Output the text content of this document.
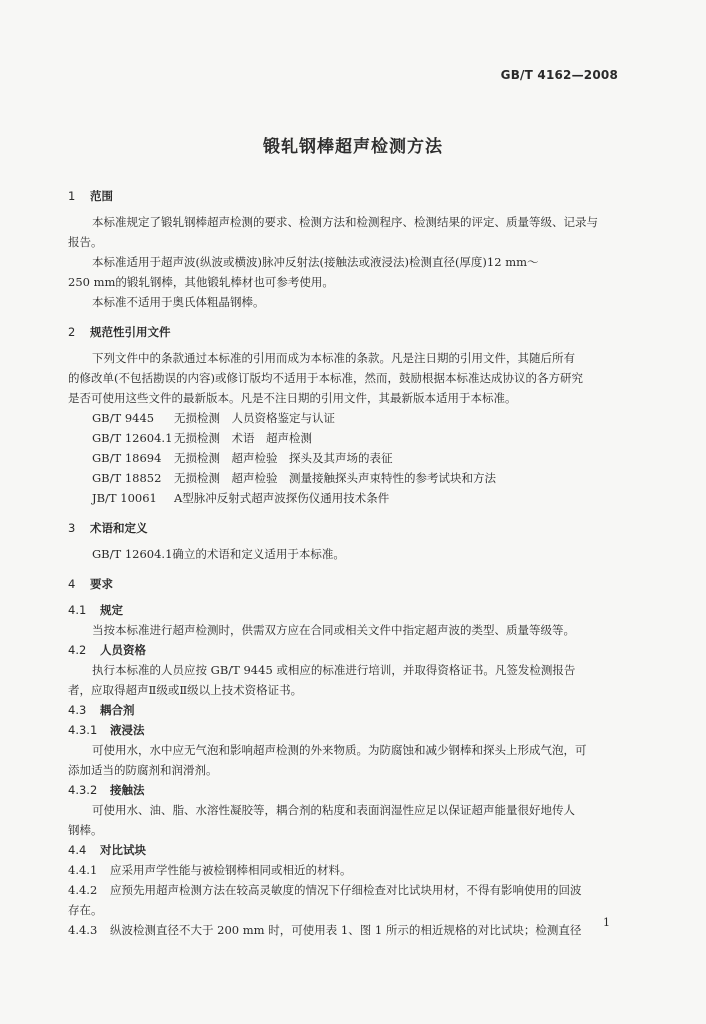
GB/T 4162—2008
锻轧钢棒超声检测方法
1 范围
本标准规定了锻轧钢棒超声检测的要求、检测方法和检测程序、检测结果的评定、质量等级、记录与
报告。
本标准适用于超声波(纵波或横波)脉冲反射法(接触法或液浸法)检测直径(厚度)12 mm～
250 mm的锻轧钢棒，其他锻轧棒材也可参考使用。
本标准不适用于奥氏体粗晶钢棒。
2 规范性引用文件
下列文件中的条款通过本标准的引用而成为本标准的条款。凡是注日期的引用文件，其随后所有
的修改单(不包括勘误的内容)或修订版均不适用于本标准，然而，鼓励根据本标准达成协议的各方研究
是否可使用这些文件的最新版本。凡是不注日期的引用文件，其最新版本适用于本标准。
GB/T 9445 无损检测　人员资格鉴定与认证
GB/T 12604.1 无损检测　术语　超声检测
GB/T 18694 无损检测　超声检验　探头及其声场的表征
GB/T 18852 无损检测　超声检验　测量接触探头声束特性的参考试块和方法
JB/T 10061 A型脉冲反射式超声波探伤仪通用技术条件
3 术语和定义
GB/T 12604.1确立的术语和定义适用于本标准。
4 要求
4.1 规定
当按本标准进行超声检测时，供需双方应在合同或相关文件中指定超声波的类型、质量等级等。
4.2 人员资格
执行本标准的人员应按 GB/T 9445 或相应的标准进行培训，并取得资格证书。凡签发检测报告
者，应取得超声Ⅱ级或Ⅱ级以上技术资格证书。
4.3 耦合剂
4.3.1 液浸法
可使用水，水中应无气泡和影响超声检测的外来物质。为防腐蚀和减少钢棒和探头上形成气泡，可
添加适当的防腐剂和润滑剂。
4.3.2 接触法
可使用水、油、脂、水溶性凝胶等，耦合剂的粘度和表面润湿性应足以保证超声能量很好地传人
钢棒。
4.4 对比试块
4.4.1 应采用声学性能与被检钢棒相同或相近的材料。
4.4.2 应预先用超声检测方法在较高灵敏度的情况下仔细检查对比试块用材，不得有影响使用的回波
存在。
4.4.3 纵波检测直径不大于 200 mm 时，可使用表 1、图 1 所示的相近规格的对比试块；检测直径
1
